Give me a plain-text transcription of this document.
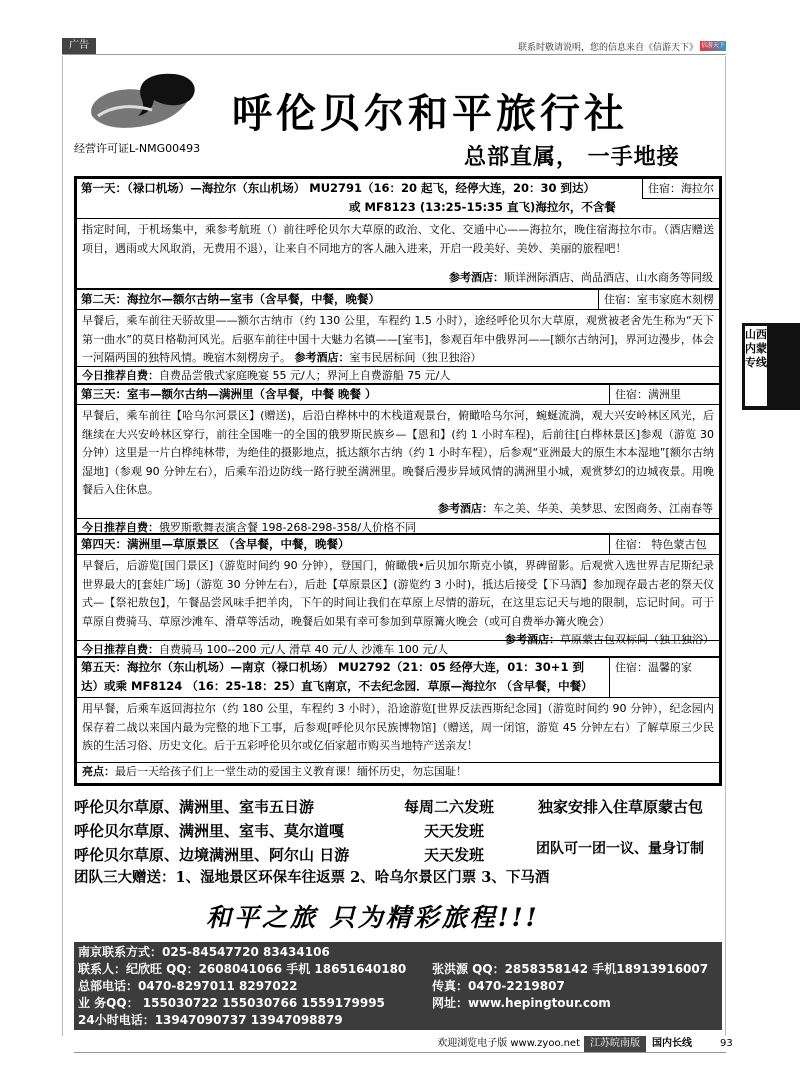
广告	联系时敬请说明，您的信息来自《信游天下》 信游天下
呼伦贝尔和平旅行社
经营许可证L-NMG00493	总部直属， 一手地接
第一天：（禄口机场）—海拉尔（东山机场） MU2791（16：20 起飞，经停大连，20：30 到达）
或 MF8123 (13:25-15:35 直飞)海拉尔，不含餐
住宿：海拉尔
指定时间，于机场集中，乘参考航班（）前往呼伦贝尔大草原的政治、文化、交通中心——海拉尔，晚住宿海拉尔市。（酒店赠送项目，遇雨或大风取消，无费用不退），让来自不同地方的客人融入进来，开启一段美好、美妙、美丽的旅程吧！
参考酒店：顺详洲际酒店、尚品酒店、山水商务等同级
第二天：海拉尔—额尔古纳—室韦（含早餐，中餐，晚餐）	住宿：室韦家庭木刻楞
早餐后，乘车前往天骄故里——额尔古纳市（约 130 公里，车程约 1.5 小时），途经呼伦贝尔大草原，观赏被老舍先生称为“天下第一曲水”的莫日格勒河风光。后驱车前往中国十大魅力名镇——[室韦]，参观百年中俄界河——[额尔古纳河]，界河边漫步，体会一河隔两国的独特风情。晚宿木刻楞房子。 参考酒店：室韦民居标间（独卫独浴）
今日推荐自费：自费品尝俄式家庭晚宴 55 元/人；界河上自费游船 75 元/人
第三天：室韦—额尔古纳—满洲里（含早餐，中餐 晚餐 ）	住宿：满洲里
早餐后，乘车前往【哈乌尔河景区】(赠送)，后沿白桦林中的木栈道观景台，俯瞰哈乌尔河，蜿蜒流淌，观大兴安岭林区风光，后继续在大兴安岭林区穿行，前往全国唯一的全国的俄罗斯民族乡—【恩和】(约 1 小时车程)，后前往[白桦林景区]参观（游览 30 分钟）这里是一片白桦纯林带，为绝佳的摄影地点，抵达额尔古纳（约 1 小时车程），后参观“亚洲最大的原生木本湿地”[额尔古纳湿地]（参观 90 分钟左右），后乘车沿边防线一路行驶至满洲里。晚餐后漫步异域风情的满洲里小城，观赏梦幻的边城夜景。用晚餐后入住休息。
参考酒店：车之美、华美、美梦思、宏图商务、江南春等
今日推荐自费：俄罗斯歌舞表演含餐 198-268-298-358/人价格不同
第四天：满洲里—草原景区 （含早餐，中餐，晚餐）	住宿： 特色蒙古包
早餐后，后游览[国门景区]（游览时间约 90 分钟），登国门，俯瞰俄•后贝加尔斯克小镇，界碑留影。后观赏入选世界吉尼斯纪录世界最大的[套娃广场]（游览 30 分钟左右），后赴【草原景区】(游览约 3 小时)，抵达后接受【下马酒】参加现存最古老的祭天仪式—【祭祀敖包】，午餐品尝风味手把羊肉，下午的时间让我们在草原上尽情的游玩，在这里忘记天与地的限制，忘记时间。可于草原自费骑马、草原沙滩车、滑草等活动，晚餐后如果有幸可参加到草原篝火晚会（或可自费举办篝火晚会）
参考酒店：草原蒙古包双标间（独卫独浴）
今日推荐自费：自费骑马 100--200 元/人 滑草 40 元/人 沙滩车 100 元/人
第五天：海拉尔（东山机场）—南京（禄口机场） MU2792（21：05 经停大连，01：30+1 到
达）或乘 MF8124 （16：25-18：25）直飞南京，不去纪念园．草原—海拉尔 （含早餐，中餐）
住宿：温馨的家
用早餐，后乘车返回海拉尔（约 180 公里，车程约 3 小时），沿途游览[世界反法西斯纪念园]（游览时间约 90 分钟），纪念园内保存着二战以来国内最为完整的地下工事，后参观[呼伦贝尔民族博物馆]（赠送，周一闭馆，游览 45 分钟左右）了解草原三少民族的生活习俗、历史文化。后于五彩呼伦贝尔或亿佰家超市购买当地特产送亲友！
亮点：最后一天给孩子们上一堂生动的爱国主义教育课！缅怀历史，勿忘国耻！
山西内蒙专线
呼伦贝尔草原、满洲里、室韦五日游	每周二六发班	独家安排入住草原蒙古包
呼伦贝尔草原、满洲里、室韦、莫尔道嘎	天天发班
呼伦贝尔草原、边境满洲里、阿尔山 日游	天天发班	团队可一团一议、量身订制
团队三大赠送：1、湿地景区环保车往返票 2、哈乌尔景区门票 3、下马酒
和平之旅 只为精彩旅程!!!
南京联系方式：025-84547720 83434106
联系人：纪欣旺 QQ：2608041066 手机 18651640180 张洪源 QQ：2858358142 手机18913916007
总部电话：0470-8297011 8297022	传真：0470-2219807
业 务QQ： 155030722 155030766 1559179995	网址：www.hepingtour.com
24小时电话：13947090737 13947098879
欢迎浏览电子版 www.zyoo.net	江苏皖南版	国内长线	93
